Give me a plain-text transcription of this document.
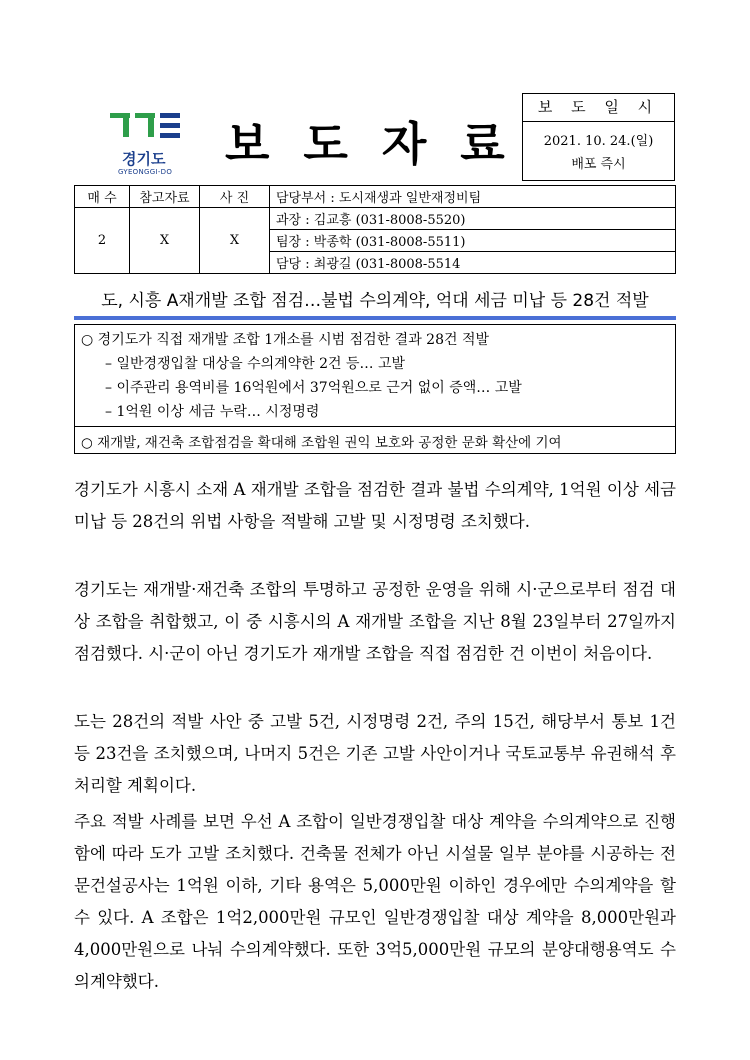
경기도
GYEONGGI-DO
보도자료
보 도 일 시
2021. 10. 24.(일)
배포 즉시
매 수	참고자료	사 진	담당부서 : 도시재생과 일반재정비팀
2	X	X	과장 : 김교흥 (031-8008-5520)
			팀장 : 박종학 (031-8008-5511)
			담당 : 최광길 (031-8008-5514
도, 시흥 A재개발 조합 점검…불법 수의계약, 억대 세금 미납 등 28건 적발
○ 경기도가 직접 재개발 조합 1개소를 시범 점검한 결과 28건 적발
– 일반경쟁입찰 대상을 수의계약한 2건 등… 고발
– 이주관리 용역비를 16억원에서 37억원으로 근거 없이 증액… 고발
– 1억원 이상 세금 누락… 시정명령
○ 재개발, 재건축 조합점검을 확대해 조합원 권익 보호와 공정한 문화 확산에 기여

경기도가 시흥시 소재 A 재개발 조합을 점검한 결과 불법 수의계약, 1억원 이상 세금 미납 등 28건의 위법 사항을 적발해 고발 및 시정명령 조치했다.

경기도는 재개발·재건축 조합의 투명하고 공정한 운영을 위해 시·군으로부터 점검 대상 조합을 취합했고, 이 중 시흥시의 A 재개발 조합을 지난 8월 23일부터 27일까지 점검했다. 시·군이 아닌 경기도가 재개발 조합을 직접 점검한 건 이번이 처음이다.

도는 28건의 적발 사안 중 고발 5건, 시정명령 2건, 주의 15건, 해당부서 통보 1건 등 23건을 조치했으며, 나머지 5건은 기존 고발 사안이거나 국토교통부 유권해석 후 처리할 계획이다.

주요 적발 사례를 보면 우선 A 조합이 일반경쟁입찰 대상 계약을 수의계약으로 진행함에 따라 도가 고발 조치했다. 건축물 전체가 아닌 시설물 일부 분야를 시공하는 전문건설공사는 1억원 이하, 기타 용역은 5,000만원 이하인 경우에만 수의계약을 할 수 있다. A 조합은 1억2,000만원 규모인 일반경쟁입찰 대상 계약을 8,000만원과 4,000만원으로 나눠 수의계약했다. 또한 3억5,000만원 규모의 분양대행용역도 수의계약했다.
